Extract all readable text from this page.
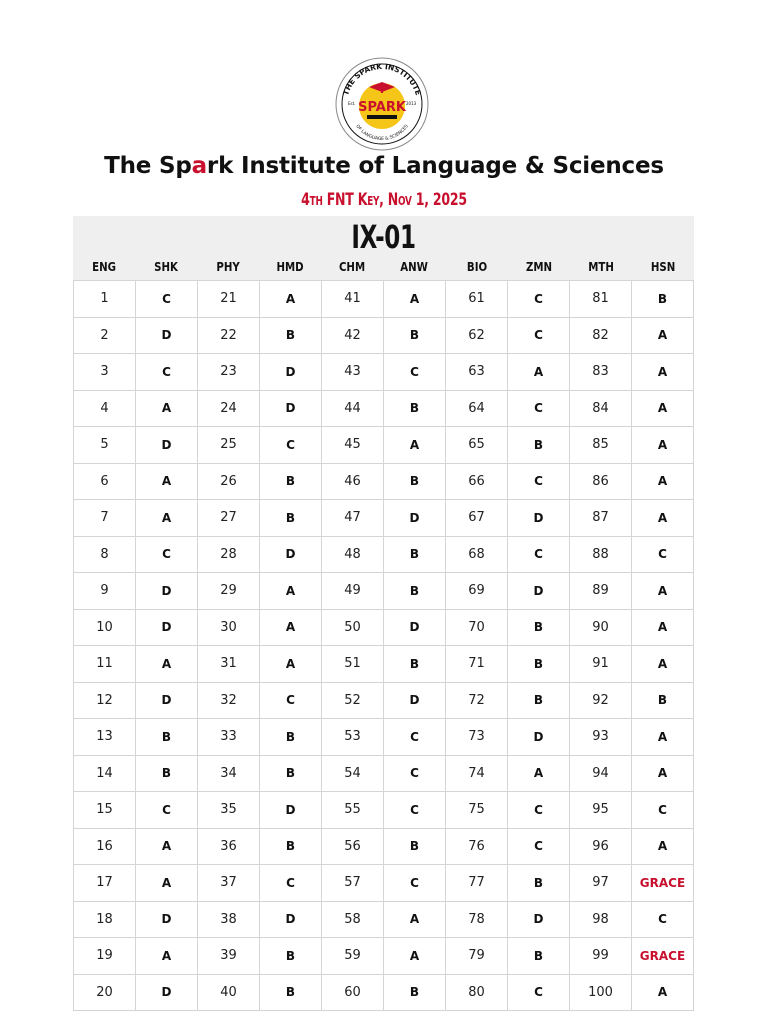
THE SPARK INSTITUTE
OF LANGUAGE & SCIENCES
SPARK
Est.	2013
The Spark Institute of Language & Sciences
4th FNT Key, Nov 1, 2025
IX-01
ENG	SHK	PHY	HMD	CHM	ANW	BIO	ZMN	MTH	HSN
1	C	21	A	41	A	61	C	81	B
2	D	22	B	42	B	62	C	82	A
3	C	23	D	43	C	63	A	83	A
4	A	24	D	44	B	64	C	84	A
5	D	25	C	45	A	65	B	85	A
6	A	26	B	46	B	66	C	86	A
7	A	27	B	47	D	67	D	87	A
8	C	28	D	48	B	68	C	88	C
9	D	29	A	49	B	69	D	89	A
10	D	30	A	50	D	70	B	90	A
11	A	31	A	51	B	71	B	91	A
12	D	32	C	52	D	72	B	92	B
13	B	33	B	53	C	73	D	93	A
14	B	34	B	54	C	74	A	94	A
15	C	35	D	55	C	75	C	95	C
16	A	36	B	56	B	76	C	96	A
17	A	37	C	57	C	77	B	97	GRACE
18	D	38	D	58	A	78	D	98	C
19	A	39	B	59	A	79	B	99	GRACE
20	D	40	B	60	B	80	C	100	A
